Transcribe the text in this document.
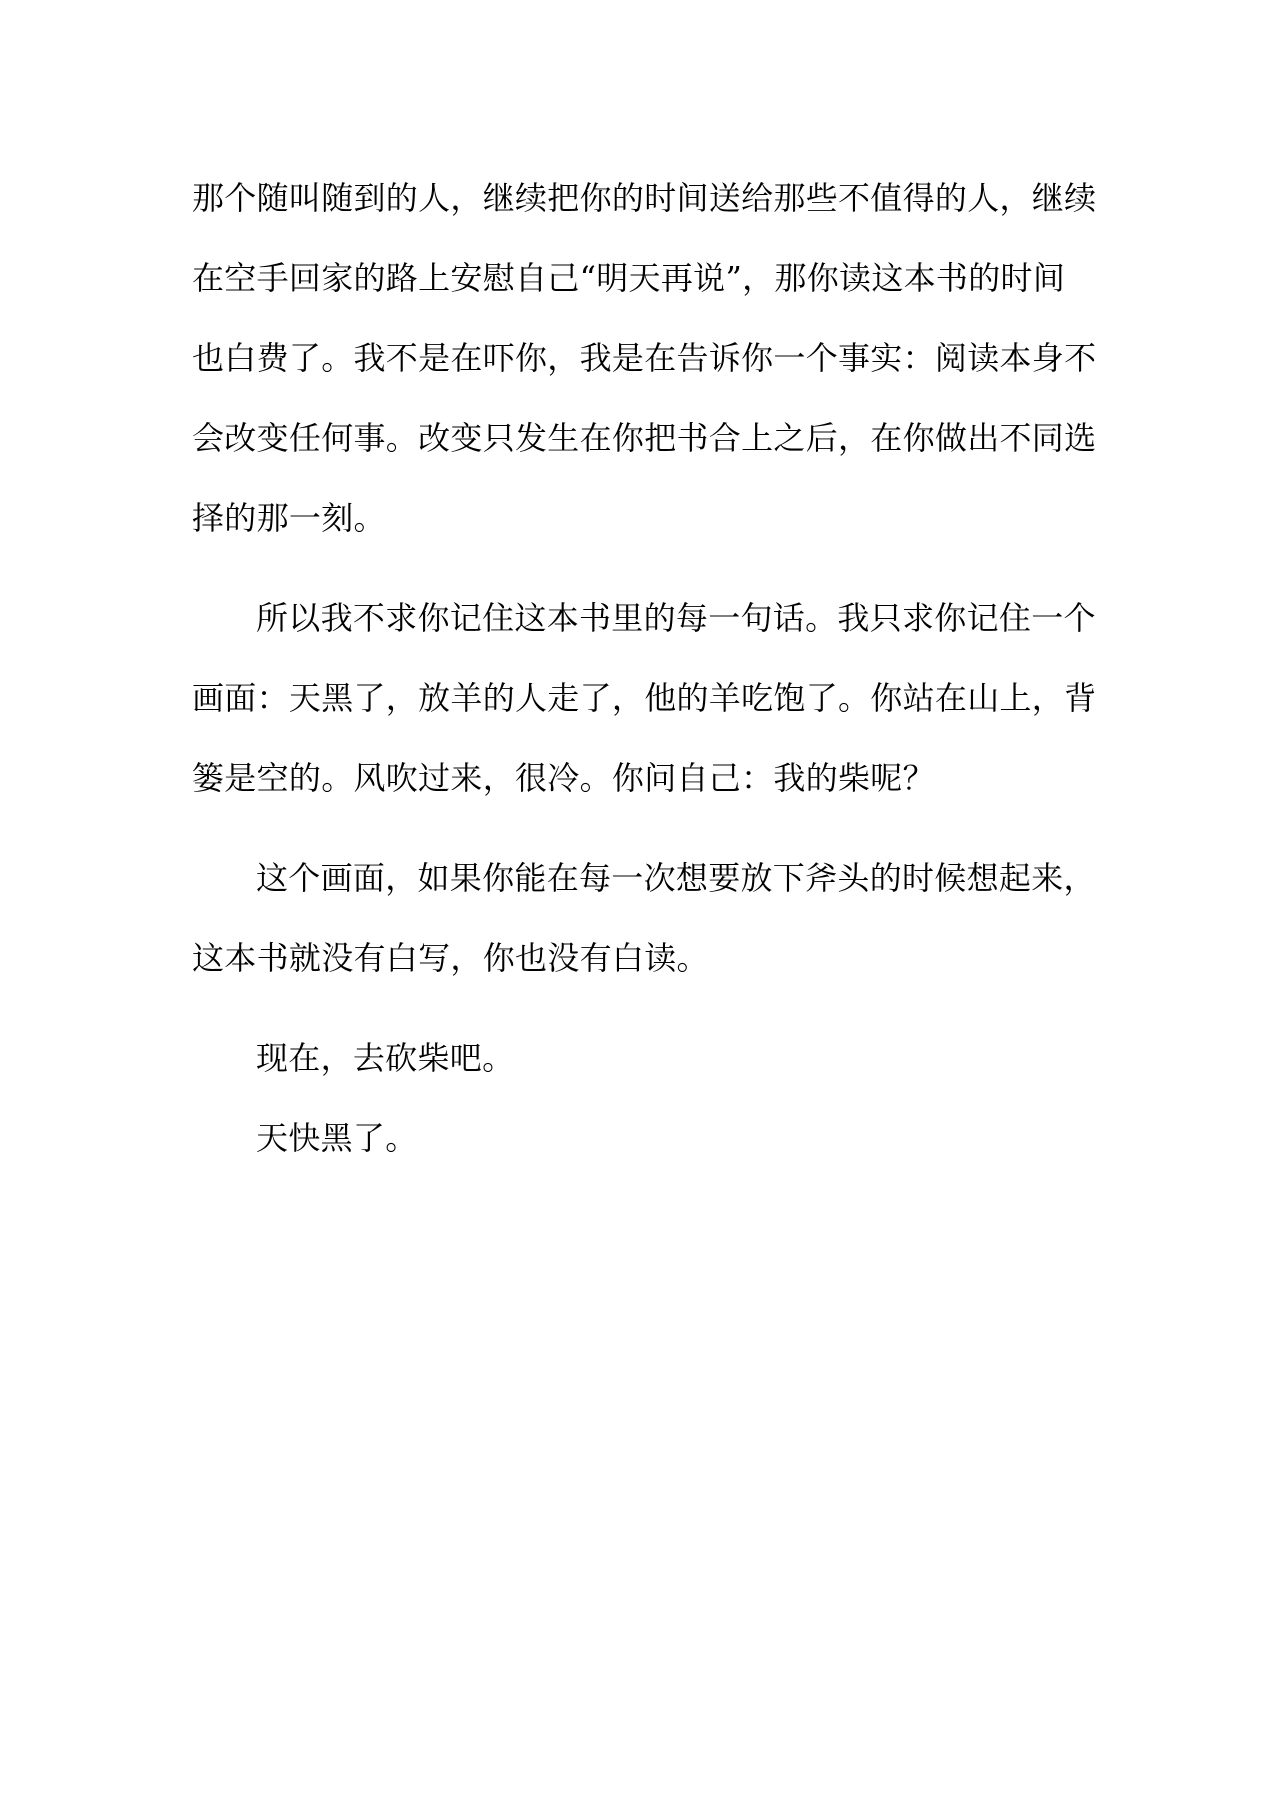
那个随叫随到的人，继续把你的时间送给那些不值得的人，继续
在空手回家的路上安慰自己“明天再说”，那你读这本书的时间
也白费了。我不是在吓你，我是在告诉你一个事实：阅读本身不
会改变任何事。改变只发生在你把书合上之后，在你做出不同选
择的那一刻。
所以我不求你记住这本书里的每一句话。我只求你记住一个
画面：天黑了，放羊的人走了，他的羊吃饱了。你站在山上，背
篓是空的。风吹过来，很冷。你问自己：我的柴呢？
这个画面，如果你能在每一次想要放下斧头的时候想起来，
这本书就没有白写，你也没有白读。
现在，去砍柴吧。
天快黑了。
